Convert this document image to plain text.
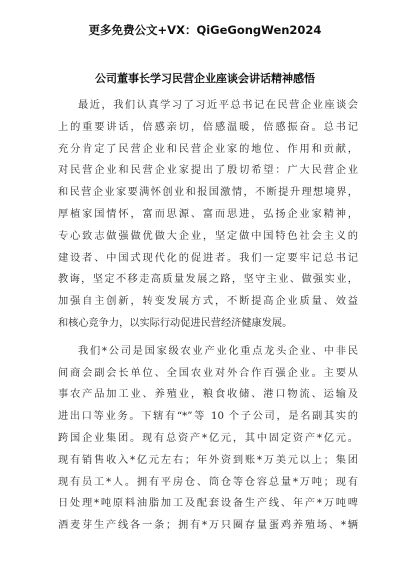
更多免费公文+VX：QiGeGongWen2024
公司董事长学习民营企业座谈会讲话精神感悟
最近，我们认真学习了习近平总书记在民营企业座谈会
上的重要讲话，倍感亲切，倍感温暖，倍感振奋。总书记
充分肯定了民营企业和民营企业家的地位、作用和贡献，
对民营企业和民营企业家提出了殷切希望：广大民营企业
和民营企业家要满怀创业和报国激情，不断提升理想境界，
厚植家国情怀，富而思源、富而思进，弘扬企业家精神，
专心致志做强做优做大企业，坚定做中国特色社会主义的
建设者、中国式现代化的促进者。我们一定要牢记总书记
教诲，坚定不移走高质量发展之路，坚守主业、做强实业，
加强自主创新，转变发展方式，不断提高企业质量、效益
和核心竞争力，以实际行动促进民营经济健康发展。
我们*公司是国家级农业产业化重点龙头企业、中非民
间商会副会长单位、全国农业对外合作百强企业。主要从
事农产品加工业、养殖业，粮食收储、港口物流、运输及
进出口等业务。下辖有“*”等 10 个子公司，是名副其实的
跨国企业集团。现有总资产*亿元，其中固定资产*亿元。
现有销售收入*亿元左右；年外资到账*万美元以上；集团
现有员工*人。拥有平房仓、筒仓等仓容总量*万吨；现有
日处理*吨原料油脂加工及配套设备生产线、年产*万吨啤
酒麦芽生产线各一条；拥有*万只圈存量蛋鸡养殖场、*辆
